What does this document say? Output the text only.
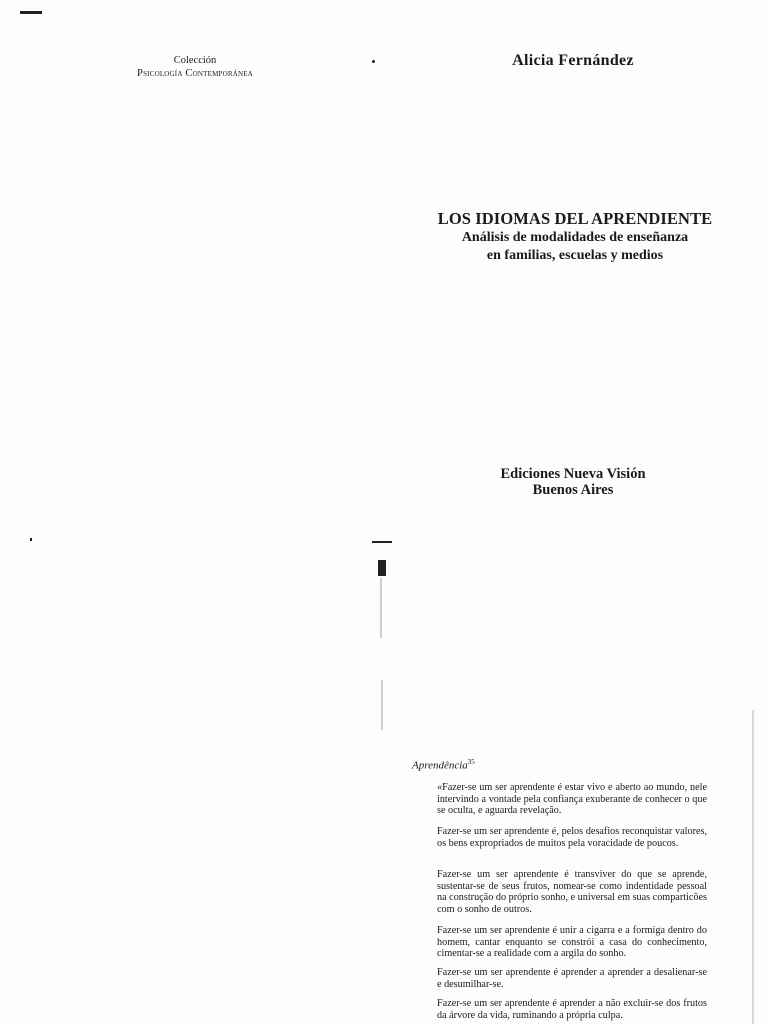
Colección
Psicología Contemporánea
Alicia Fernández
LOS IDIOMAS DEL APRENDIENTE
Análisis de modalidades de enseñanza
en familias, escuelas y medios
Ediciones Nueva Visión
Buenos Aires
Aprendência$^{35}$
«Fazer-se um ser aprendente é estar vivo e aberto ao mundo, nele intervindo a vontade pela confiança exuberante de conhecer o que se oculta, e aguarda revelação.
Fazer-se um ser aprendente é, pelos desafios reconquistar valores, os bens expropriados de muitos pela voracidade de poucos.
Fazer-se um ser aprendente é transviver do que se aprende, sustentar-se de seus frutos, nomear-se como indentidade pessoal na construção do próprio sonho, e universal em suas comparticões com o sonho de outros.
Fazer-se um ser aprendente é unir a cigarra e a formiga dentro do homem, cantar enquanto se constrói a casa do conhecimento, cimentar-se a realidade com a argila do sonho.
Fazer-se um ser aprendente é aprender a aprender a desalienar-se e desumilhar-se.
Fazer-se um ser aprendente é aprender a não excluir-se dos frutos da árvore da vida, ruminando a própria culpa.
